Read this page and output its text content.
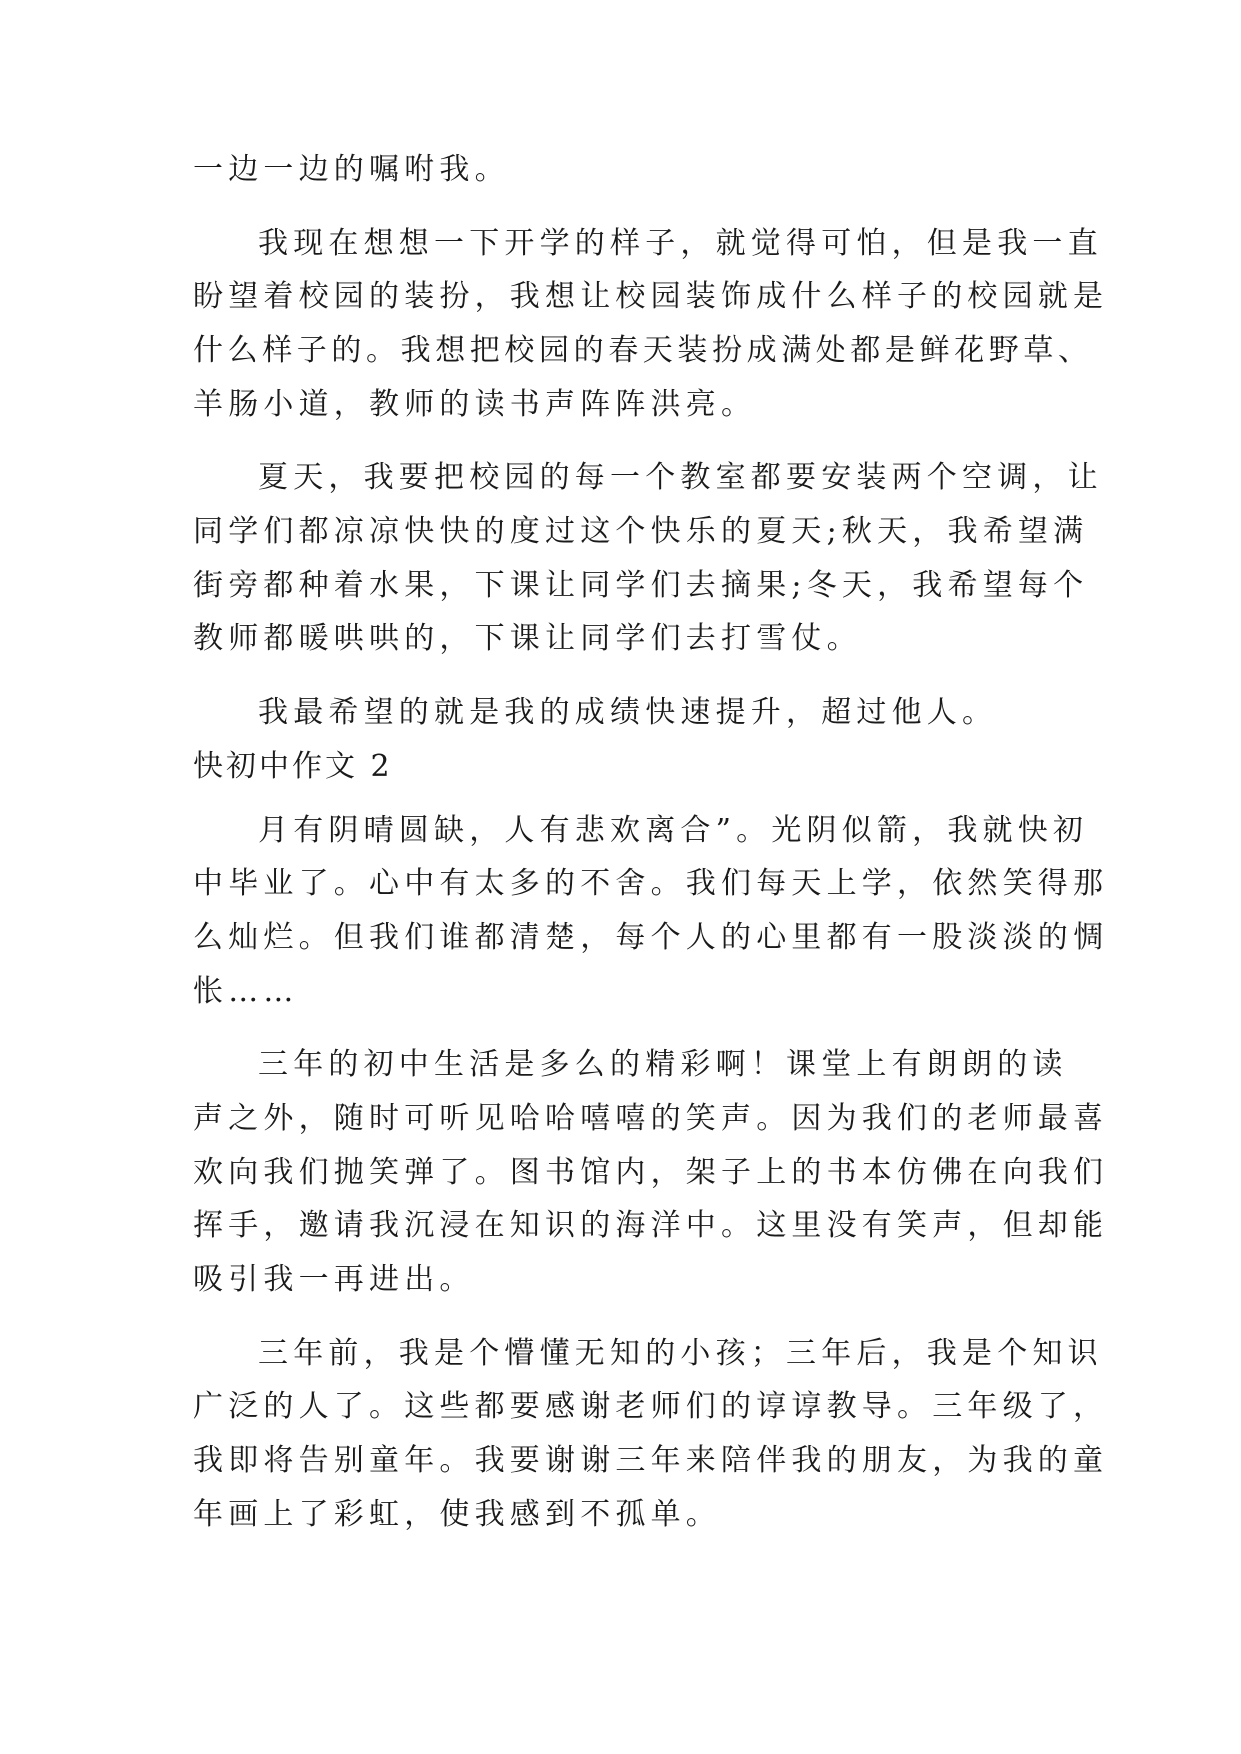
一边一边的嘱咐我。
我现在想想一下开学的样子，就觉得可怕，但是我一直
盼望着校园的装扮，我想让校园装饰成什么样子的校园就是
什么样子的。我想把校园的春天装扮成满处都是鲜花野草、
羊肠小道，教师的读书声阵阵洪亮。
夏天，我要把校园的每一个教室都要安装两个空调，让
同学们都凉凉快快的度过这个快乐的夏天;秋天，我希望满
街旁都种着水果，下课让同学们去摘果;冬天，我希望每个
教师都暖哄哄的，下课让同学们去打雪仗。
我最希望的就是我的成绩快速提升，超过他人。
快初中作文 2
月有阴晴圆缺，人有悲欢离合”。光阴似箭，我就快初
中毕业了。心中有太多的不舍。我们每天上学，依然笑得那
么灿烂。但我们谁都清楚，每个人的心里都有一股淡淡的惆
怅……
三年的初中生活是多么的精彩啊！课堂上有朗朗的读
声之外，随时可听见哈哈嘻嘻的笑声。因为我们的老师最喜
欢向我们抛笑弹了。图书馆内，架子上的书本仿佛在向我们
挥手，邀请我沉浸在知识的海洋中。这里没有笑声，但却能
吸引我一再进出。
三年前，我是个懵懂无知的小孩；三年后，我是个知识
广泛的人了。这些都要感谢老师们的谆谆教导。三年级了，
我即将告别童年。我要谢谢三年来陪伴我的朋友，为我的童
年画上了彩虹，使我感到不孤单。
